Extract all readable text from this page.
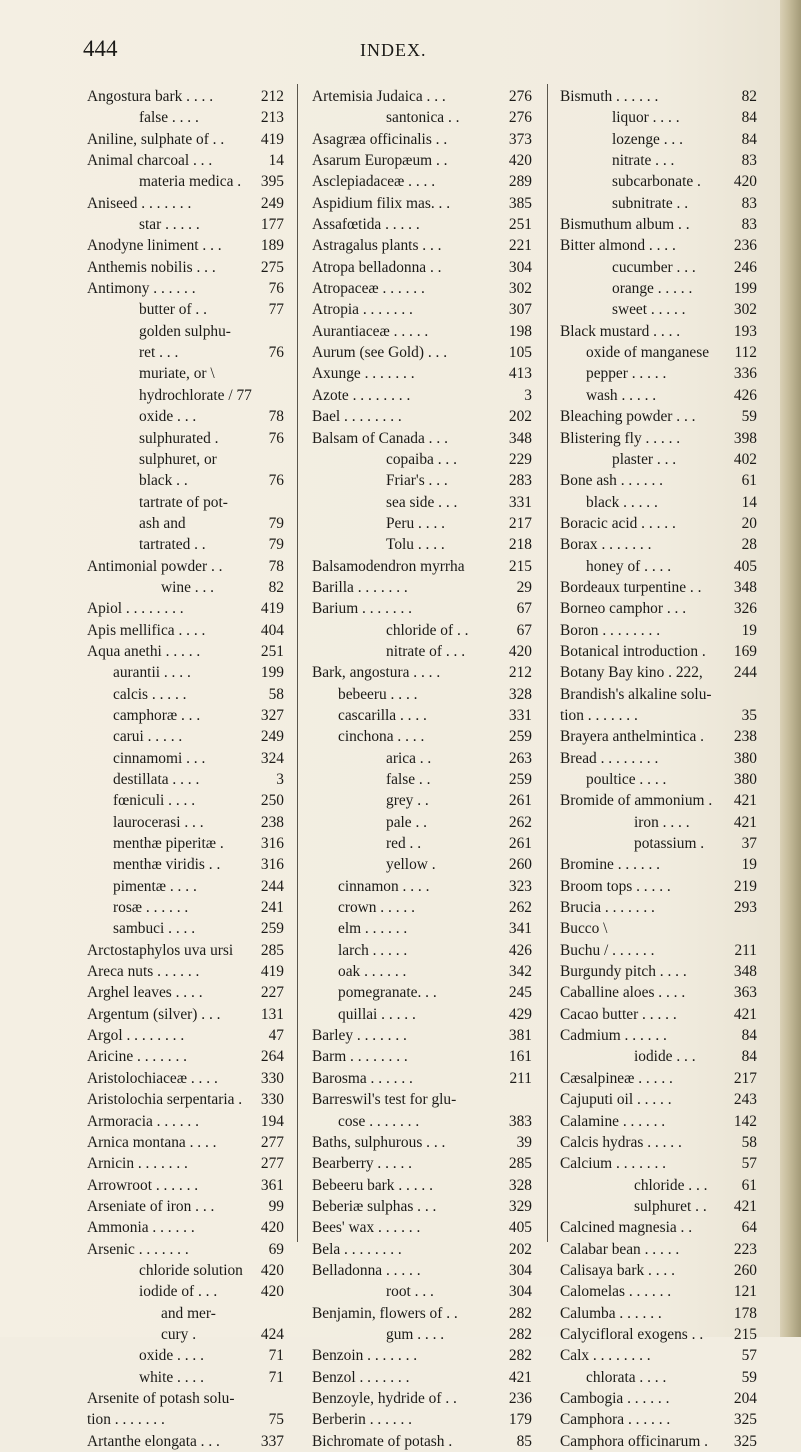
444	INDEX.
Angostura bark . . . .	212
false . . . .	213
Aniline, sulphate of . .	419
Animal charcoal . . .	14
materia medica .	395
Aniseed . . . . . . .	249
star . . . . .	177
Anodyne liniment . . .	189
Anthemis nobilis . . .	275
Antimony . . . . . .	76
butter of . .	77
golden sulphu-
ret . . .	76
muriate, or \
hydrochlorate / 77
oxide . . .	78
sulphurated .	76
sulphuret, or
black . .	76
tartrate of pot-
ash and	79
tartrated . .	79
Antimonial powder . .	78
wine . . .	82
Apiol . . . . . . . .	419
Apis mellifica . . . .	404
Aqua anethi . . . . .	251
aurantii . . . .	199
calcis . . . . .	58
camphoræ . . .	327
carui . . . . .	249
cinnamomi . . .	324
destillata . . . .	3
fœniculi . . . .	250
laurocerasi . . .	238
menthæ piperitæ .	316
menthæ viridis . .	316
pimentæ . . . .	244
rosæ . . . . . .	241
sambuci . . . .	259
Arctostaphylos uva ursi	285
Areca nuts . . . . . .	419
Arghel leaves . . . .	227
Argentum (silver) . . .	131
Argol . . . . . . . .	47
Aricine . . . . . . .	264
Aristolochiaceæ . . . .	330
Aristolochia serpentaria .	330
Armoracia . . . . . .	194
Arnica montana . . . .	277
Arnicin . . . . . . .	277
Arrowroot . . . . . .	361
Arseniate of iron . . .	99
Ammonia . . . . . .	420
Arsenic . . . . . . .	69
chloride solution	420
iodide of . . .	420
and mer-
cury .	424
oxide . . . .	71
white . . . .	71
Arsenite of potash solu-
tion . . . . . . .	75
Artanthe elongata . . .	337
Artemisia Judaica . . .	276
santonica . .	276
Asagræa officinalis . .	373
Asarum Europæum . .	420
Asclepiadaceæ . . . .	289
Aspidium filix mas. . .	385
Assafœtida . . . . .	251
Astragalus plants . . .	221
Atropa belladonna . .	304
Atropaceæ . . . . . .	302
Atropia . . . . . . .	307
Aurantiaceæ . . . . .	198
Aurum (see Gold) . . .	105
Axunge . . . . . . .	413
Azote . . . . . . . .	3
Bael . . . . . . . .	202
Balsam of Canada . . .	348
copaiba . . .	229
Friar's . . .	283
sea side . . .	331
Peru . . . .	217
Tolu . . . .	218
Balsamodendron myrrha	215
Barilla . . . . . . .	29
Barium . . . . . . .	67
chloride of . .	67
nitrate of . . .	420
Bark, angostura . . . .	212
bebeeru . . . .	328
cascarilla . . . .	331
cinchona . . . .	259
arica . .	263
false . .	259
grey . .	261
pale . .	262
red . .	261
yellow .	260
cinnamon . . . .	323
crown . . . . .	262
elm . . . . . .	341
larch . . . . .	426
oak . . . . . .	342
pomegranate. . .	245
quillai . . . . .	429
Barley . . . . . . .	381
Barm . . . . . . . .	161
Barosma . . . . . .	211
Barreswil's test for glu-
cose . . . . . . .	383
Baths, sulphurous . . .	39
Bearberry . . . . .	285
Bebeeru bark . . . . .	328
Beberiæ sulphas . . .	329
Bees' wax . . . . . .	405
Bela . . . . . . . .	202
Belladonna . . . . .	304
root . . .	304
Benjamin, flowers of . .	282
gum . . . .	282
Benzoin . . . . . . .	282
Benzol . . . . . . .	421
Benzoyle, hydride of . .	236
Berberin . . . . . .	179
Bichromate of potash .	85
Bismuth . . . . . .	82
liquor . . . .	84
lozenge . . .	84
nitrate . . .	83
subcarbonate .	420
subnitrate . .	83
Bismuthum album . .	83
Bitter almond . . . .	236
cucumber . . .	246
orange . . . . .	199
sweet . . . . .	302
Black mustard . . . .	193
oxide of manganese	112
pepper . . . . .	336
wash . . . . .	426
Bleaching powder . . .	59
Blistering fly . . . . .	398
plaster . . .	402
Bone ash . . . . . .	61
black . . . . .	14
Boracic acid . . . . .	20
Borax . . . . . . .	28
honey of . . . .	405
Bordeaux turpentine . .	348
Borneo camphor . . .	326
Boron . . . . . . . .	19
Botanical introduction .	169
Botany Bay kino . 222,	244
Brandish's alkaline solu-
tion . . . . . . .	35
Brayera anthelmintica .	238
Bread . . . . . . . .	380
poultice . . . .	380
Bromide of ammonium .	421
iron . . . .	421
potassium .	37
Bromine . . . . . .	19
Broom tops . . . . .	219
Brucia . . . . . . .	293
Bucco \
Buchu / . . . . . .	211
Burgundy pitch . . . .	348
Caballine aloes . . . .	363
Cacao butter . . . . .	421
Cadmium . . . . . .	84
iodide . . .	84
Cæsalpineæ . . . . .	217
Cajuputi oil . . . . .	243
Calamine . . . . . .	142
Calcis hydras . . . . .	58
Calcium . . . . . . .	57
chloride . . .	61
sulphuret . .	421
Calcined magnesia . .	64
Calabar bean . . . . .	223
Calisaya bark . . . .	260
Calomelas . . . . . .	121
Calumba . . . . . .	178
Calycifloral exogens . .	215
Calx . . . . . . . .	57
chlorata . . . .	59
Cambogia . . . . . .	204
Camphora . . . . . .	325
Camphora officinarum .	325
